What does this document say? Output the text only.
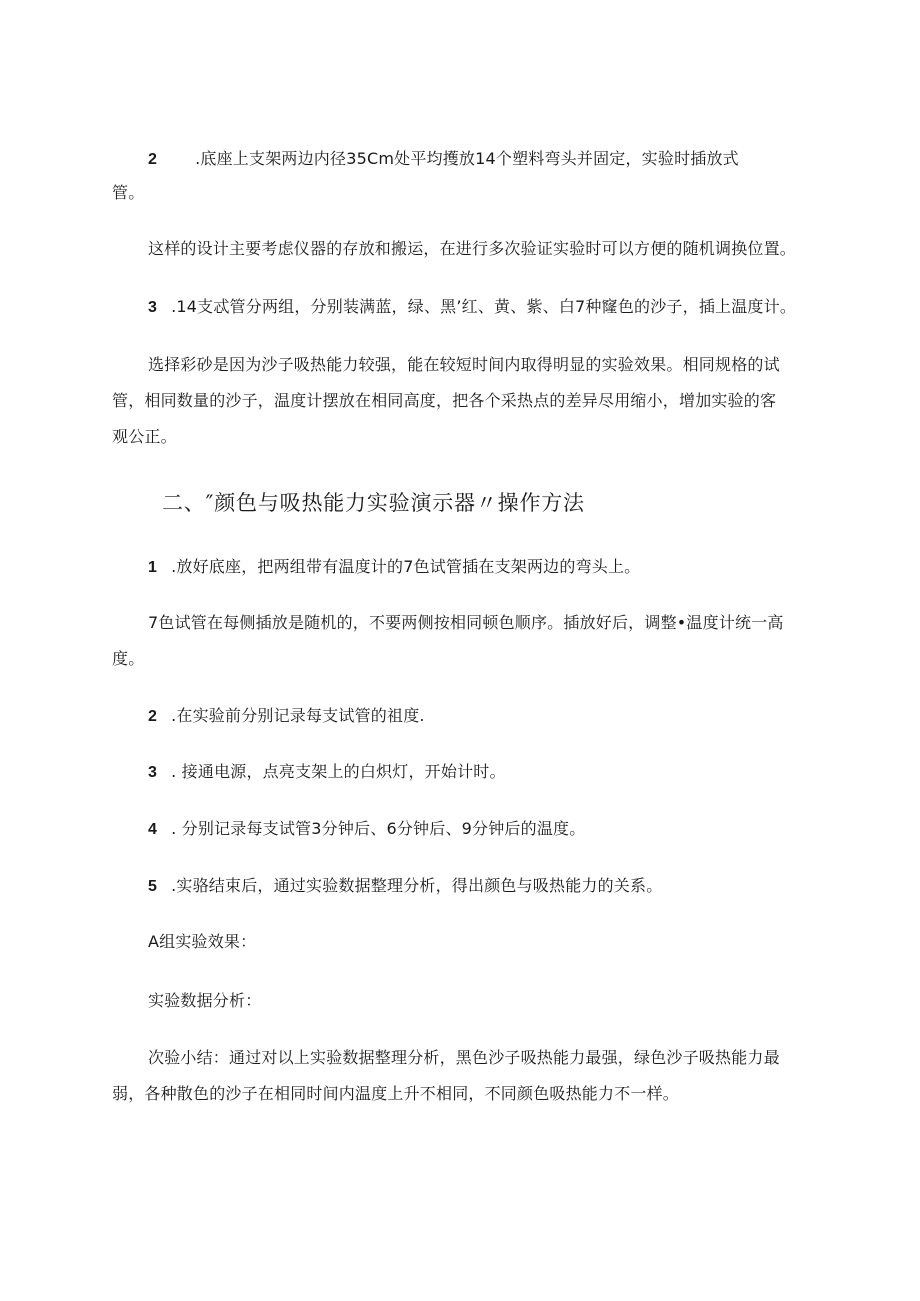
2 .底座上支架两边内径35Cm处平均擭放14个塑料弯头并固定，实验时插放式
管。
这样的设计主要考虑仪器的存放和搬运，在进行多次验证实验时可以方便的随机调换位置。
3 .14支忒管分两组，分别装满蓝，绿、黑’红、黄、紫、白7种窿色的沙子，插上温度计。
选择彩砂是因为沙子吸热能力较强，能在较短时间内取得明显的实验效果。相同规格的试
管，相同数量的沙子，温度计摆放在相同高度，把各个采热点的差异尽用缩小，增加实验的客
观公正。
二、″颜色与吸热能力实验演示器〃操作方法
1 .放好底座，把两组带有温度计的7色试管插在支架两边的弯头上。
7色试管在每侧插放是随机的，不要两侧按相同顿色顺序。插放好后，调整•温度计统一高
度。
2 .在实验前分别记录每支试管的祖度.
3 . 接通电源，点亮支架上的白炽灯，开始计时。
4 . 分别记录每支试管3分钟后、6分钟后、9分钟后的温度。
5 .实骆结束后，通过实验数据整理分析，得出颜色与吸热能力的关系。
A组实验效果：
实验数据分析：
次验小结：通过对以上实验数据整理分析，黑色沙子吸热能力最强，绿色沙子吸热能力最
弱，各种散色的沙子在相同时间内温度上升不相同，不同颜色吸热能力不一样。
